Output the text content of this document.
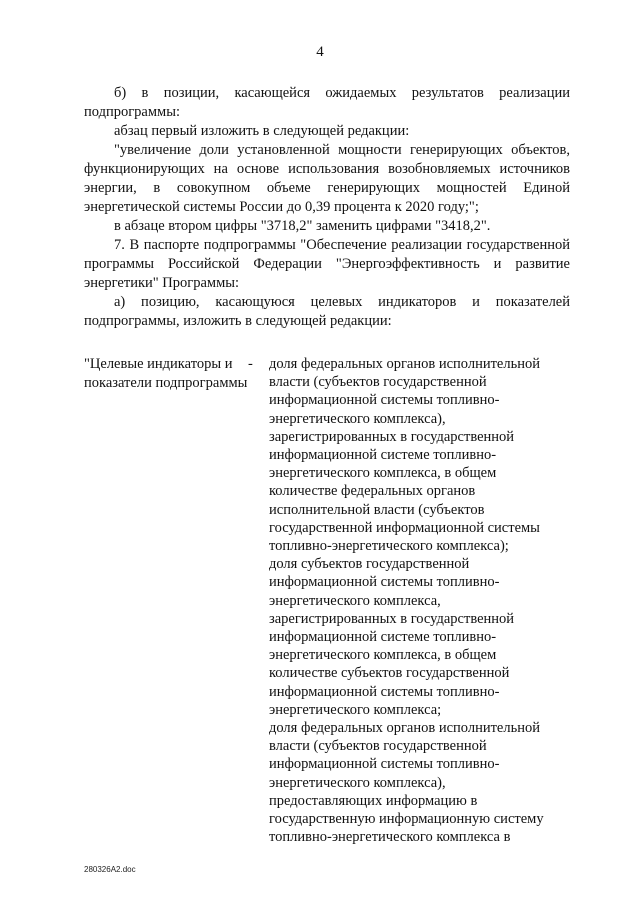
4

б) в позиции, касающейся ожидаемых результатов реализации подпрограммы:

абзац первый изложить в следующей редакции:

"увеличение доли установленной мощности генерирующих объектов, функционирующих на основе использования возобновляемых источников энергии, в совокупном объеме генерирующих мощностей Единой энергетической системы России до 0,39 процента к 2020 году;";

в абзаце втором цифры "3718,2" заменить цифрами "3418,2".

7. В паспорте подпрограммы "Обеспечение реализации государственной программы Российской Федерации "Энергоэффективность и развитие энергетики" Программы:

а) позицию, касающуюся целевых индикаторов и показателей подпрограммы, изложить в следующей редакции:

"Целевые индикаторы и показатели подпрограммы
- доля федеральных органов исполнительной
власти (субъектов государственной
информационной системы топливно-
энергетического комплекса),
зарегистрированных в государственной
информационной системе топливно-
энергетического комплекса, в общем
количестве федеральных органов
исполнительной власти (субъектов
государственной информационной системы
топливно-энергетического комплекса);
доля субъектов государственной
информационной системы топливно-
энергетического комплекса,
зарегистрированных в государственной
информационной системе топливно-
энергетического комплекса, в общем
количестве субъектов государственной
информационной системы топливно-
энергетического комплекса;
доля федеральных органов исполнительной
власти (субъектов государственной
информационной системы топливно-
энергетического комплекса),
предоставляющих информацию в
государственную информационную систему
топливно-энергетического комплекса в
280326A2.doc
